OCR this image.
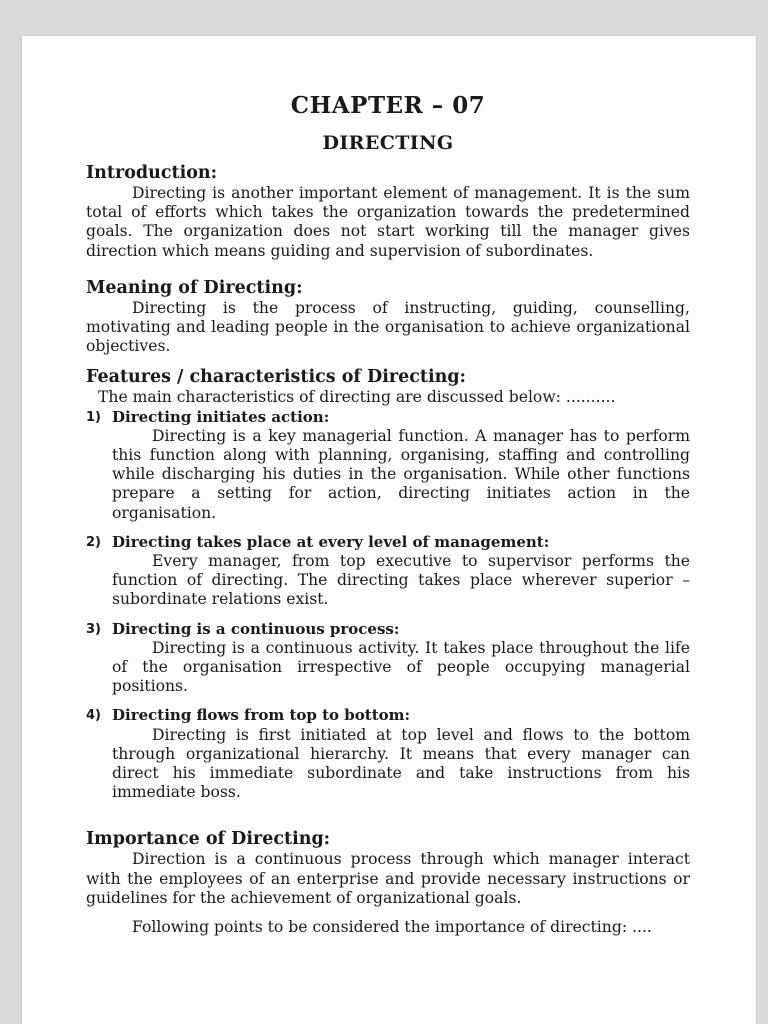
CHAPTER – 07
DIRECTING
Introduction:

Directing is another important element of management. It is the sum total of efforts which takes the organization towards the predetermined goals. The organization does not start working till the manager gives direction which means guiding and supervision of subordinates.

Meaning of Directing:

Directing is the process of instructing, guiding, counselling, motivating and leading people in the organisation to achieve organizational objectives.

Features / characteristics of Directing:

The main characteristics of directing are discussed below: ..........

1) Directing initiates action:

Directing is a key managerial function. A manager has to perform this function along with planning, organising, staffing and controlling while discharging his duties in the organisation. While other functions prepare a setting for action, directing initiates action in the organisation.

2) Directing takes place at every level of management:

Every manager, from top executive to supervisor performs the function of directing. The directing takes place wherever superior – subordinate relations exist.

3) Directing is a continuous process:

Directing is a continuous activity. It takes place throughout the life of the organisation irrespective of people occupying managerial positions.

4) Directing flows from top to bottom:

Directing is first initiated at top level and flows to the bottom through organizational hierarchy. It means that every manager can direct his immediate subordinate and take instructions from his immediate boss.

Importance of Directing:

Direction is a continuous process through which manager interact with the employees of an enterprise and provide necessary instructions or guidelines for the achievement of organizational goals.

Following points to be considered the importance of directing: ....
